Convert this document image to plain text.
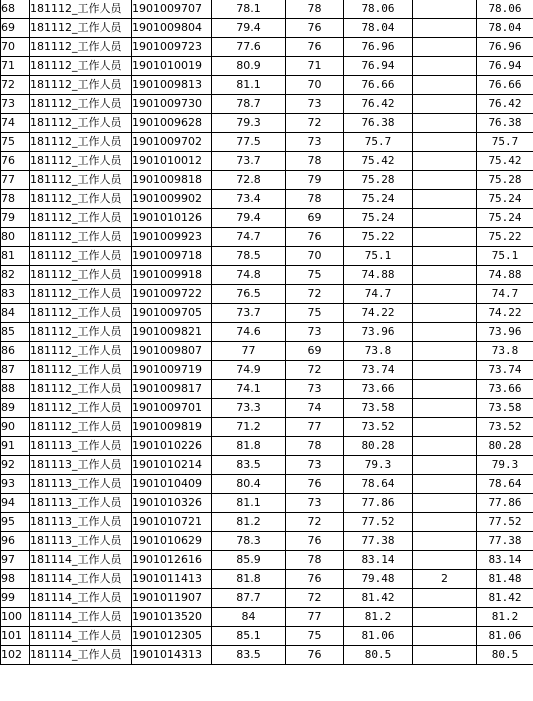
68	181112_工作人员	1901009707	78.1	78	78.06		78.06
69	181112_工作人员	1901009804	79.4	76	78.04		78.04
70	181112_工作人员	1901009723	77.6	76	76.96		76.96
71	181112_工作人员	1901010019	80.9	71	76.94		76.94
72	181112_工作人员	1901009813	81.1	70	76.66		76.66
73	181112_工作人员	1901009730	78.7	73	76.42		76.42
74	181112_工作人员	1901009628	79.3	72	76.38		76.38
75	181112_工作人员	1901009702	77.5	73	75.7		75.7
76	181112_工作人员	1901010012	73.7	78	75.42		75.42
77	181112_工作人员	1901009818	72.8	79	75.28		75.28
78	181112_工作人员	1901009902	73.4	78	75.24		75.24
79	181112_工作人员	1901010126	79.4	69	75.24		75.24
80	181112_工作人员	1901009923	74.7	76	75.22		75.22
81	181112_工作人员	1901009718	78.5	70	75.1		75.1
82	181112_工作人员	1901009918	74.8	75	74.88		74.88
83	181112_工作人员	1901009722	76.5	72	74.7		74.7
84	181112_工作人员	1901009705	73.7	75	74.22		74.22
85	181112_工作人员	1901009821	74.6	73	73.96		73.96
86	181112_工作人员	1901009807	77	69	73.8		73.8
87	181112_工作人员	1901009719	74.9	72	73.74		73.74
88	181112_工作人员	1901009817	74.1	73	73.66		73.66
89	181112_工作人员	1901009701	73.3	74	73.58		73.58
90	181112_工作人员	1901009819	71.2	77	73.52		73.52
91	181113_工作人员	1901010226	81.8	78	80.28		80.28
92	181113_工作人员	1901010214	83.5	73	79.3		79.3
93	181113_工作人员	1901010409	80.4	76	78.64		78.64
94	181113_工作人员	1901010326	81.1	73	77.86		77.86
95	181113_工作人员	1901010721	81.2	72	77.52		77.52
96	181113_工作人员	1901010629	78.3	76	77.38		77.38
97	181114_工作人员	1901012616	85.9	78	83.14		83.14
98	181114_工作人员	1901011413	81.8	76	79.48	2	81.48
99	181114_工作人员	1901011907	87.7	72	81.42		81.42
100	181114_工作人员	1901013520	84	77	81.2		81.2
101	181114_工作人员	1901012305	85.1	75	81.06		81.06
102	181114_工作人员	1901014313	83.5	76	80.5		80.5
